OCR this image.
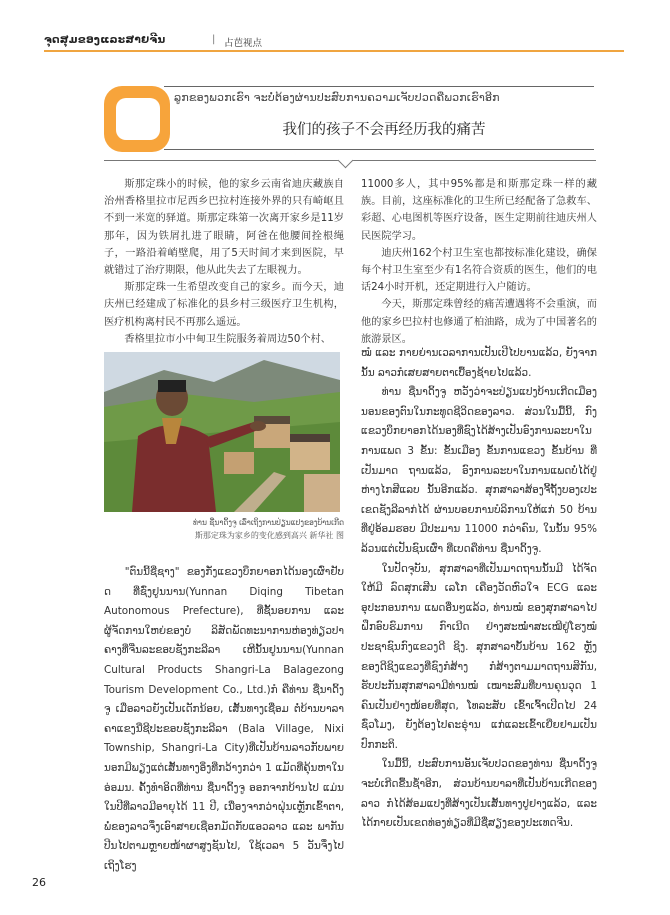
ຈຸດສຸມຂອງແລະສາຍຈີນ	| 占芭视点
ລູກຂອງພວກເຮົາ ຈະບໍ່ຕ້ອງຜ່ານປະສົບການຄວາມເຈັບປວດຄືພວກເຮົາອີກ
我们的孩子不会再经历我的痛苦

斯那定珠小的时候，他的家乡云南省迪庆藏族自治州香格里拉市尼西乡巴拉村连接外界的只有崎岖且不到一米宽的驿道。斯那定珠第一次离开家乡是11岁那年，因为铁屑扎进了眼睛，阿爸在他腰间拴根绳子，一路沿着峭壁爬，用了5天时间才来到医院，早就错过了治疗期限，他从此失去了左眼视力。

斯那定珠一生希望改变自己的家乡。而今天，迪庆州已经建成了标准化的县乡村三级医疗卫生机构，医疗机构离村民不再那么遥远。

香格里拉市小中甸卫生院服务着周边50个村、

11000多人，其中95%都是和斯那定珠一样的藏族。目前，这座标准化的卫生所已经配备了急救车、彩超、心电图机等医疗设备，医生定期前往迪庆州人民医院学习。

迪庆州162个村卫生室也都按标准化建设，确保每个村卫生室至少有1名符合资质的医生，他们的电话24小时开机，还定期进行入户随访。

今天，斯那定珠曾经的痛苦遭遇将不会重演，而他的家乡巴拉村也修通了柏油路，成为了中国著名的旅游景区。

ທ່ານ ຊື່ນາດິ້ງຈູ ເລົ່າເຖິງການປ່ຽນແປງຂອງບ້ານເກີດ
斯那定珠为家乡的变化感到高兴 新华社 图

ໝໍ ແລະ ກາຍຍ່ານເວລາການເປັນເປີໄປບານແລ້ວ, ຍັງຈາກ ນັ້ນ ລາວກໍເສຍສາຍຕາເບື້ອງຊ້າຍໄປແລ້ວ.

ທ່ານ ຊື່ນາດິ້ງຈູ ຫວັງວ່າຈະປ່ຽນແປງບ້ານເກີດເມືອງ ນອນຂອງຕົນໃນກະທູດຊີວິດຂອງລາວ. ສ່ວນໃນມື້ນີ້, ກົງ ແຂວງບຶກຍາອກໄດ້ນອງທີ່ຊົງໄດ້ສ້າງເປັນອົງການລະບາໃນ ການແພດ 3 ຂັ້ນ: ຂັ້ນເມືອງ ຂັ້ນການແຂວງ ຂັ້ນບ້ານ ທີ່ເປັນມາດ ຖານແລ້ວ, ອົງການລະບາໃນການແພດບໍ່ໄດ້ຢູ່ຫ່າງໄກສີແລບ ນັ້ນອີກແລ້ວ. ສຸກສາລາສ້ອງຈີ້ຖ້ັງບອງເປະເຂດຊັງລີລາກ່ໄດ້ ຜ່ານບອຍການບໍລິການໃຫ້ແກ່ 50 ບ້ານທີ່ຢູ່ອ້ອມຮອບ ມີປະມານ 11000 ກວ່າຄົນ, ໃນນັ້ນ 95% ລ້ວນແຕ່ເປັນຊົນເຜົ່າ ທີ່ເບດຄືທ່ານ ຊື່ນາດິ້ງຈູ.

ໃນປັດຈຸບັນ, ສຸກສາລາທີ່ເປັນມາດຖານນັ້ນມີ ໄດ້ຈັດໃຫ້ມີ ລົດສຸກເສີນ ເລໂກ ເຄືອງວັດຫົວໃຈ ECG ແລະອຸປະກອນການ ແພດອື່ນໆແລ້ວ, ທ່ານໝໍ ຂອງສຸກສາລາໄປຝຶກອົບຮົມການ ກົາເນີດ ຢ່າງສະໝໍ່າສະເໝີຢູ່ໂຮງໝໍປະຊາຊົນກົງແຂວງດີ ຊິງ. ສຸກສາລາບັ້ນບ້ານ 162 ຫຼັງຂອງດີຊິງແຂວງທີ່ຊົງກໍສ້າງ ກໍສ້າງຕາມມາດຖານສິກັນ, ຮັບປະກັນສຸກສາລາມີທ່ານໝໍ ເໝາະສົມທີ່ບານຄຸນວຸດ 1 ຄົນເປັນຢ່າງໜ້ອຍທີ່ສຸດ, ໂທລະສັບ ເຂົ້າເຈົ້າເປີດໄປ 24 ຊົ່ວໂມງ, ຍັງຕ້ອງໄປຄະຣຸ່ານ ແກ່ແລະເຂົ້າເຍີ່ຍຢາມເປັນປົກກະຕິ.

ໃນມື້ນີ້, ປະສົບການອັນເຈັບປວດຂອງທ່ານ ຊື່ນາດິ້ງຈູ ຈະບໍ່ເກີດຂື້ນຊ້ຳອີກ, ສ່ວນບ້ານບາລາທີ່ເປັນບ້ານເກີດຂອງ ລາວ ກໍໄດ້ສ້ອມແປງທີ່ສ້າງເປັນເສັ້ນທາງປູຢາງແລ້ວ, ແລະ ໄດ້ກາຍເປັນເຂດທ່ອງທ່ຽວທີ່ມີຊື່ສຽງຂອງປະເທດຈີນ.

"ຕົນນີ້ຊີ່ຊາງ" ຂອງກັ່ງແຂວງບຶກຍາອກໄດ້ນອງເຜົ່າຢັບດ ທີ່ຊົ່ງຢູນນານ(Yunnan Diqing Tibetan Autonomous Prefecture), ທີ່ຊັ້ນອຍການ ແລະ ຜູ້ຈັດການໃຫຍ່ຂອງບໍ ລິສັດພັດທະນາການຫ່ອງທ່ຽວປາຄາງທີ່ຈີ່ນລະຂອບຊັງກະລີລາ ເຫີນັ້ນຢູນນານ(Yunnan Cultural Products Shangri-La Balagezong Tourism Development Co., Ltd.)ກໍ ຄືທ່ານ ຊື່ນາດິ້ງຈູ ເມື່ອລາວຍັງເປັນເດັກນ້ອຍ, ເສັ້ນທາງເຊື່ອມ ຕໍ່ບ້ານບາລາຄາແຂງນີ່ຊີປະຂອບຊັງກະລີລາ (Bala Village, Nixi Township, Shangri-La City)ທີ່ເປັນບ້ານລາວກັບພາຍ ນອກມີພຽງແຕ່ເສັ້ນທາງອິ່ງທີ່ກວ້າງກວ່າ 1 ແມັດທີ່ຄຸ້ນຫາໃນ ອ່ອມນ. ຄັ້ງທຳອິດທີ່ທ່ານ ຊື່ນາດິ້ງຈູ ອອກຈາກບ້ານໄປ ແມ່ນ ໃນປີທີ່ລາວມີອາຍຸໄດ້ 11 ປີ, ເນື່ອງຈາກວ່າຝຸ່ນເຫຼັກເຂົ້າຕາ, ພໍ່ຂອງລາວຈຶ່ງເອົາສາຍເຊືອກມັດກັບແອວລາວ ແລະ ພາກັນ ປີນໄປຕາມຫຼາຍໜ້າຜາສູງຊັນໄປ, ໃຊ້ເວລາ 5 ວັນຈຶ່ງໄປເຖິງໂຮງ

26
